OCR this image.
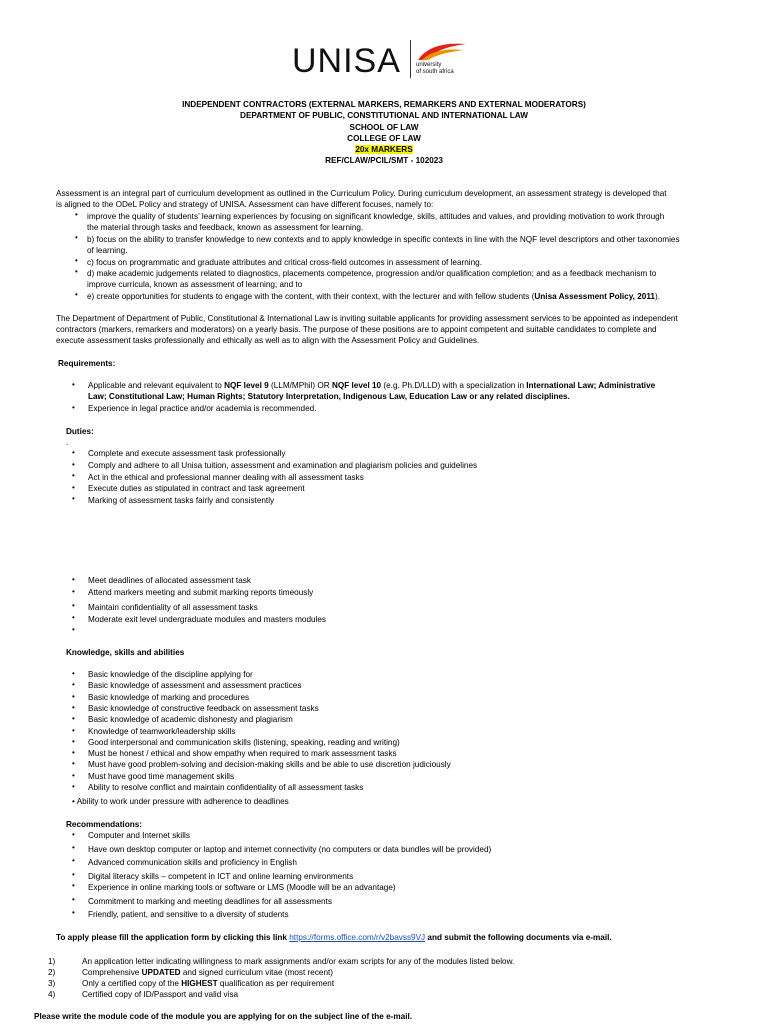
UNISA	university
of south africa
INDEPENDENT CONTRACTORS (EXTERNAL MARKERS, REMARKERS AND EXTERNAL MODERATORS)
DEPARTMENT OF PUBLIC, CONSTITUTIONAL AND INTERNATIONAL LAW
SCHOOL OF LAW
COLLEGE OF LAW
20x MARKERS
REF/CLAW/PCIL/SMT - 102023
Assessment is an integral part of curriculum development as outlined in the Curriculum Policy. During curriculum development, an assessment strategy is developed that
is aligned to the ODeL Policy and strategy of UNISA. Assessment can have different focuses, namely to:
• improve the quality of students’ learning experiences by focusing on significant knowledge, skills, attitudes and values, and providing motivation to work through
the material through tasks and feedback, known as assessment for learning.
• b) focus on the ability to transfer knowledge to new contexts and to apply knowledge in specific contexts in line with the NQF level descriptors and other taxonomies
of learning.
• c) focus on programmatic and graduate attributes and critical cross-field outcomes in assessment of learning.
• d) make academic judgements related to diagnostics, placements competence, progression and/or qualification completion; and as a feedback mechanism to
improve curricula, known as assessment of learning; and to
• e) create opportunities for students to engage with the content, with their context, with the lecturer and with fellow students (Unisa Assessment Policy, 2011).
The Department of Department of Public, Constitutional & International Law is inviting suitable applicants for providing assessment services to be appointed as independent
contractors (markers, remarkers and moderators) on a yearly basis. The purpose of these positions are to appoint competent and suitable candidates to complete and
execute assessment tasks professionally and ethically as well as to align with the Assessment Policy and Guidelines.
Requirements:
• Applicable and relevant equivalent to NQF level 9 (LLM/MPhil) OR NQF level 10 (e.g. Ph.D/LLD) with a specialization in International Law; Administrative
Law; Constitutional Law; Human Rights; Statutory Interpretation, Indigenous Law, Education Law or any related disciplines.
• Experience in legal practice and/or academia is recommended.
Duties:
.
• Complete and execute assessment task professionally
• Comply and adhere to all Unisa tuition, assessment and examination and plagiarism policies and guidelines
• Act in the ethical and professional manner dealing with all assessment tasks
• Execute duties as stipulated in contract and task agreement
• Marking of assessment tasks fairly and consistently
• Meet deadlines of allocated assessment task
• Attend markers meeting and submit marking reports timeously
• Maintain confidentiality of all assessment tasks
• Moderate exit level undergraduate modules and masters modules
•
Knowledge, skills and abilities
• Basic knowledge of the discipline applying for
• Basic knowledge of assessment and assessment practices
• Basic knowledge of marking and procedures
• Basic knowledge of constructive feedback on assessment tasks
• Basic knowledge of academic dishonesty and plagiarism
• Knowledge of teamwork/leadership skills
• Good interpersonal and communication skills (listening, speaking, reading and writing)
• Must be honest / ethical and show empathy when required to mark assessment tasks
• Must have good problem-solving and decision-making skills and be able to use discretion judiciously
• Must have good time management skills
• Ability to resolve conflict and maintain confidentiality of all assessment tasks
• Ability to work under pressure with adherence to deadlines
Recommendations:
• Computer and Internet skills
• Have own desktop computer or laptop and internet connectivity (no computers or data bundles will be provided)
• Advanced communication skills and proficiency in English
• Digital literacy skills – competent in ICT and online learning environments
• Experience in online marking tools or software or LMS (Moodle will be an advantage)
• Commitment to marking and meeting deadlines for all assessments
• Friendly, patient, and sensitive to a diversity of students
To apply please fill the application form by clicking this link https://forms.office.com/r/v2bavss9VJ and submit the following documents via e-mail.
1)	An application letter indicating willingness to mark assignments and/or exam scripts for any of the modules listed below.
2)	Comprehensive UPDATED and signed curriculum vitae (most recent)
3)	Only a certified copy of the HIGHEST qualification as per requirement
4)	Certified copy of ID/Passport and valid visa
Please write the module code of the module you are applying for on the subject line of the e-mail.
